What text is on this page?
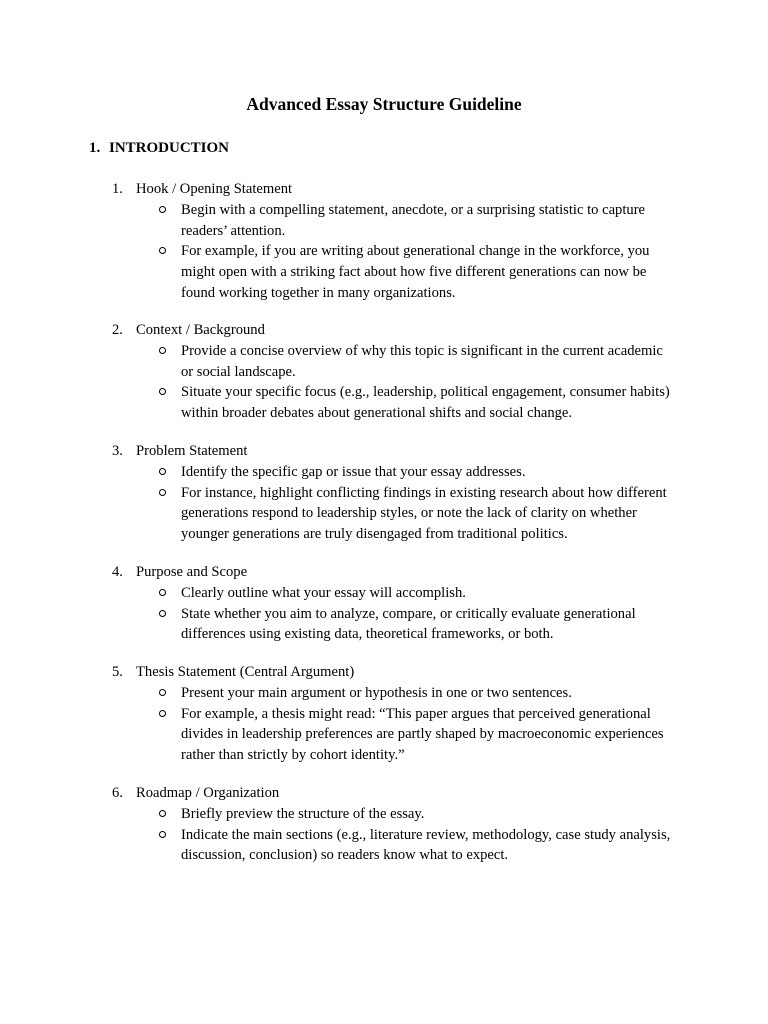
Advanced Essay Structure Guideline
1. INTRODUCTION
1. Hook / Opening Statement
Begin with a compelling statement, anecdote, or a surprising statistic to capture readers’ attention.
For example, if you are writing about generational change in the workforce, you might open with a striking fact about how five different generations can now be found working together in many organizations.
2. Context / Background
Provide a concise overview of why this topic is significant in the current academic or social landscape.
Situate your specific focus (e.g., leadership, political engagement, consumer habits) within broader debates about generational shifts and social change.
3. Problem Statement
Identify the specific gap or issue that your essay addresses.
For instance, highlight conflicting findings in existing research about how different generations respond to leadership styles, or note the lack of clarity on whether younger generations are truly disengaged from traditional politics.
4. Purpose and Scope
Clearly outline what your essay will accomplish.
State whether you aim to analyze, compare, or critically evaluate generational differences using existing data, theoretical frameworks, or both.
5. Thesis Statement (Central Argument)
Present your main argument or hypothesis in one or two sentences.
For example, a thesis might read: “This paper argues that perceived generational divides in leadership preferences are partly shaped by macroeconomic experiences rather than strictly by cohort identity.”
6. Roadmap / Organization
Briefly preview the structure of the essay.
Indicate the main sections (e.g., literature review, methodology, case study analysis, discussion, conclusion) so readers know what to expect.
